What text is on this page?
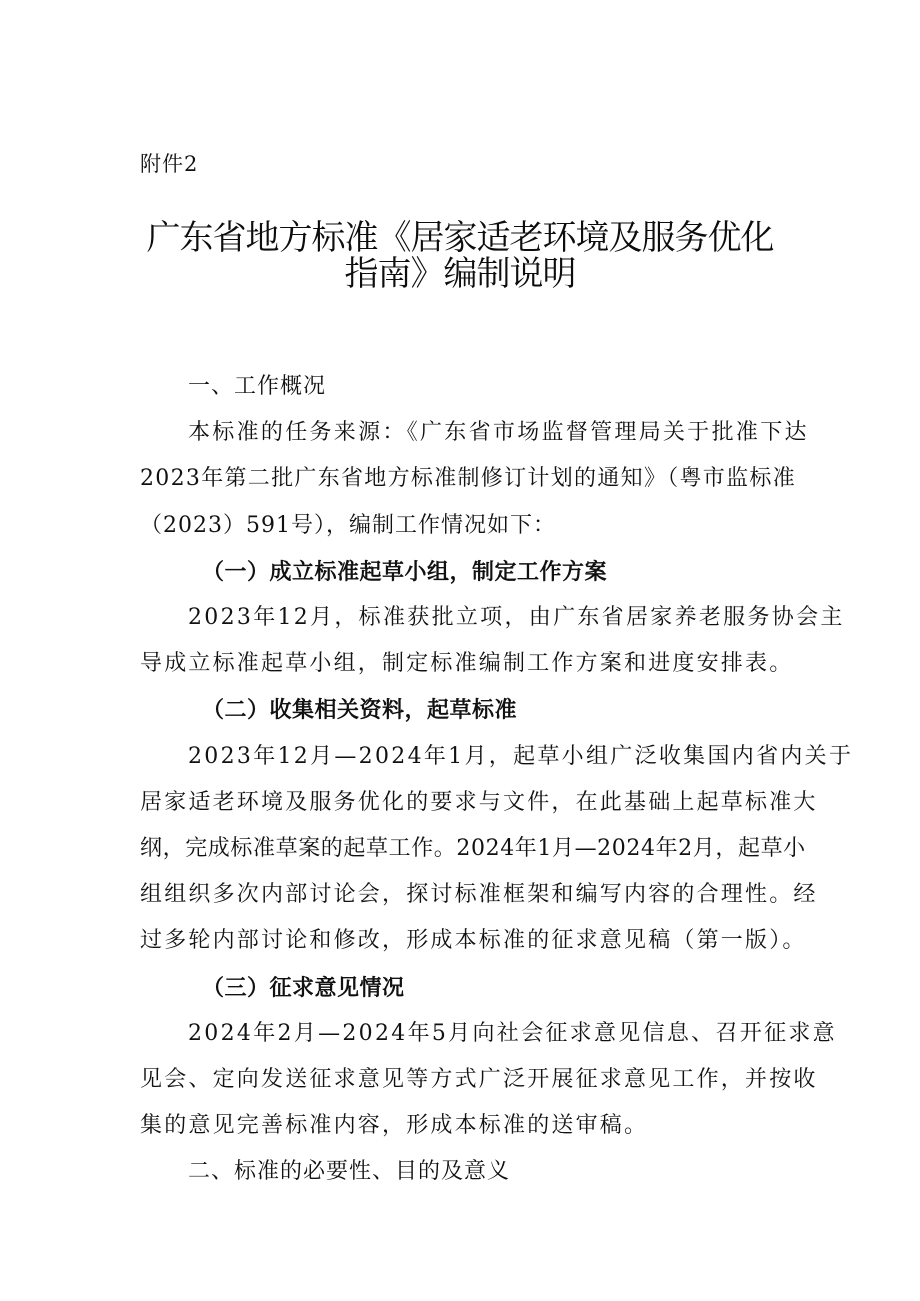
附件2
广东省地方标准《居家适老环境及服务优化
指南》编制说明
一、工作概况
本标准的任务来源：《广东省市场监督管理局关于批准下达
2023年第二批广东省地方标准制修订计划的通知》（粤市监标准
（2023）591号），编制工作情况如下：
（一）成立标准起草小组，制定工作方案
2023年12月，标准获批立项，由广东省居家养老服务协会主
导成立标准起草小组，制定标准编制工作方案和进度安排表。
（二）收集相关资料，起草标准
2023年12月—2024年1月，起草小组广泛收集国内省内关于
居家适老环境及服务优化的要求与文件，在此基础上起草标准大
纲，完成标准草案的起草工作。2024年1月—2024年2月，起草小
组组织多次内部讨论会，探讨标准框架和编写内容的合理性。经
过多轮内部讨论和修改，形成本标准的征求意见稿（第一版）。
（三）征求意见情况
2024年2月—2024年5月向社会征求意见信息、召开征求意
见会、定向发送征求意见等方式广泛开展征求意见工作，并按收
集的意见完善标准内容，形成本标准的送审稿。
二、标准的必要性、目的及意义
